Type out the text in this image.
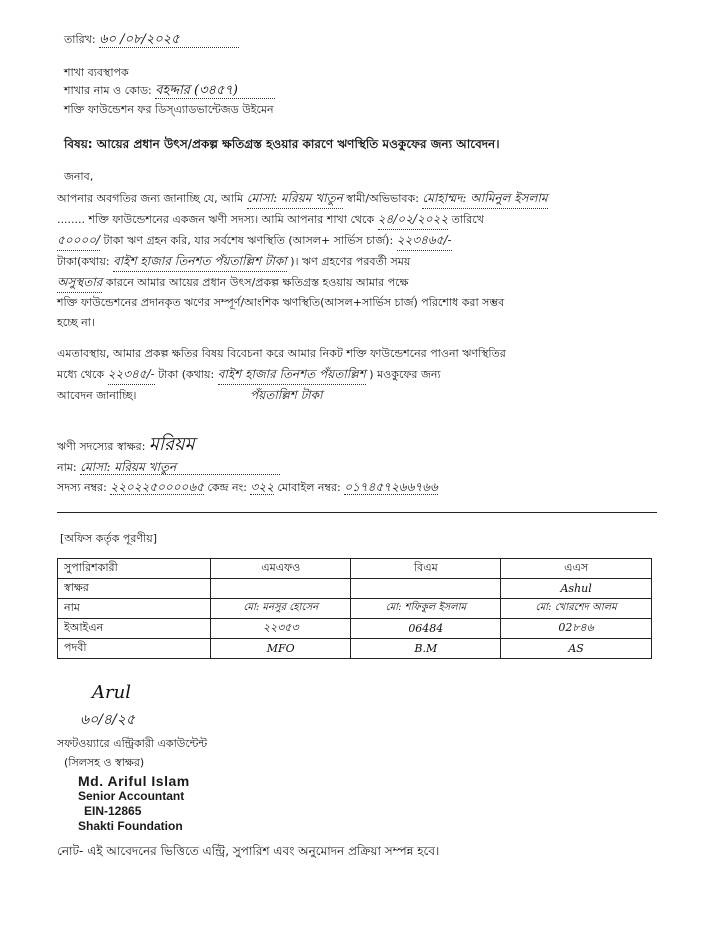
তারিখ: ৬০ /০৮/২০২৫
শাখা ব্যবস্থাপক
শাখার নাম ও কোড: বহদ্দার (৩৪৫৭)
শক্তি ফাউন্ডেশন ফর ডিস্এ্যাডভান্টেজড উইমেন
বিষয়: আয়ের প্রধান উৎস/প্রকল্প ক্ষতিগ্রস্ত হওয়ার কারণে ঋণস্থিতি মওকুফের জন্য আবেদন।
জনাব,
আপনার অবগতির জন্য জানাচ্ছি যে, আমি মোসা: মরিয়ম খাতুন স্বামী/অভিভাবক: মোহাম্মদ: আমিনুল ইসলাম
........ শক্তি ফাউন্ডেশনের একজন ঋণী সদস্য। আমি আপনার শাখা থেকে ২৪/০২/২০২২ তারিখে
৫০০০০/ টাকা ঋণ গ্রহন করি, যার সর্বশেষ ঋণস্থিতি (আসল+ সার্ভিস চার্জ): ২২৩৪৬৫/-
টাকা(কথায়: বাইশ হাজার তিনশত পঁয়তাল্লিশ টাকা )। ঋণ গ্রহণের পরবর্তী সময়
অসুস্থতার কারনে আমার আয়ের প্রধান উৎস/প্রকল্প ক্ষতিগ্রস্ত হওয়ায় আমার পক্ষে
শক্তি ফাউন্ডেশনের প্রদানকৃত ঋণের সম্পূর্ণ/আংশিক ঋণস্থিতি(আসল+সার্ভিস চার্জ) পরিশোধ করা সম্ভব
হচ্ছে না।
এমতাবস্থায়, আমার প্রকল্প ক্ষতির বিষয় বিবেচনা করে আমার নিকট শক্তি ফাউন্ডেশনের পাওনা ঋণস্থিতির
মধ্যে থেকে ২২৩৪৫/- টাকা (কথায়: বাইশ হাজার তিনশত পঁয়তাল্লিশ ) মওকুফের জন্য
আবেদন জানাচ্ছি।	পঁয়তাল্লিশ টাকা
ঋণী সদস্যের স্বাক্ষর: মরিয়ম
নাম: মোসা: মরিয়ম খাতুন
সদস্য নম্বর: ২২০২২৫০০০০৬৫ কেন্দ্র নং: ৩২২ মোবাইল নম্বর: ০১৭৪৫৭২৬৬৭৬৬
[অফিস কর্তৃক পূরণীয়]
সুপারিশকারী	এমএফও	বিএম	এএস
স্বাক্ষর			Ashul
নাম	মো: মনসুর হোসেন	মো: শফিকুল ইসলাম	মো: খোরশেদ আলম
ইআইএন	২২৩৫৩	06484	02৮৪৬
পদবী	MFO	B.M	AS
Arul
৬০/৪/২৫
সফটওয়্যারে এন্ট্রিকারী একাউন্টেন্ট
(সিলসহ ও স্বাক্ষর)
Md. Ariful Islam
Senior Accountant
EIN-12865
Shakti Foundation
নোট- এই আবেদনের ভিত্তিতে এন্ট্রি, সুপারিশ এবং অনুমোদন প্রক্রিয়া সম্পন্ন হবে।
